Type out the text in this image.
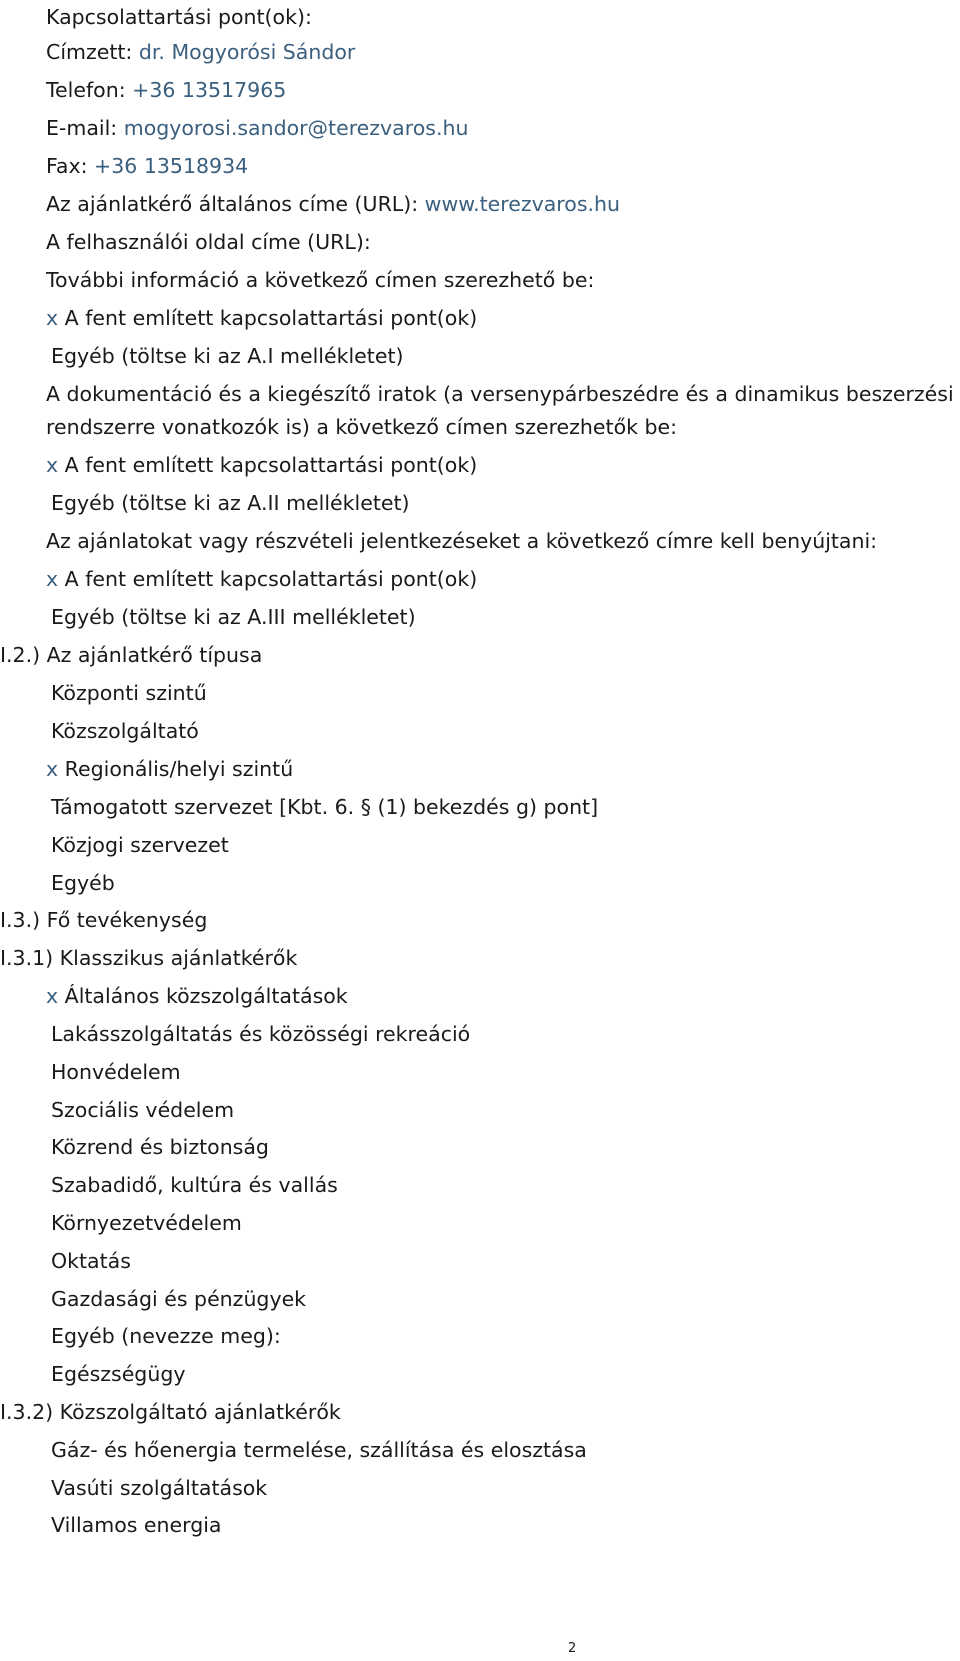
Kapcsolattartási pont(ok):
Címzett: dr. Mogyorósi Sándor
Telefon: +36 13517965
E-mail: mogyorosi.sandor@terezvaros.hu
Fax: +36 13518934
Az ajánlatkérő általános címe (URL): www.terezvaros.hu
A felhasználói oldal címe (URL):
További információ a következő címen szerezhető be:
x A fent említett kapcsolattartási pont(ok)
Egyéb (töltse ki az A.I mellékletet)
A dokumentáció és a kiegészítő iratok (a versenypárbeszédre és a dinamikus beszerzési
rendszerre vonatkozók is) a következő címen szerezhetők be:
x A fent említett kapcsolattartási pont(ok)
Egyéb (töltse ki az A.II mellékletet)
Az ajánlatokat vagy részvételi jelentkezéseket a következő címre kell benyújtani:
x A fent említett kapcsolattartási pont(ok)
Egyéb (töltse ki az A.III mellékletet)
I.2.) Az ajánlatkérő típusa
Központi szintű
Közszolgáltató
x Regionális/helyi szintű
Támogatott szervezet [Kbt. 6. § (1) bekezdés g) pont]
Közjogi szervezet
Egyéb
I.3.) Fő tevékenység
I.3.1) Klasszikus ajánlatkérők
x Általános közszolgáltatások
Lakásszolgáltatás és közösségi rekreáció
Honvédelem
Szociális védelem
Közrend és biztonság
Szabadidő, kultúra és vallás
Környezetvédelem
Oktatás
Gazdasági és pénzügyek
Egyéb (nevezze meg):
Egészségügy
I.3.2) Közszolgáltató ajánlatkérők
Gáz- és hőenergia termelése, szállítása és elosztása
Vasúti szolgáltatások
Villamos energia
2
